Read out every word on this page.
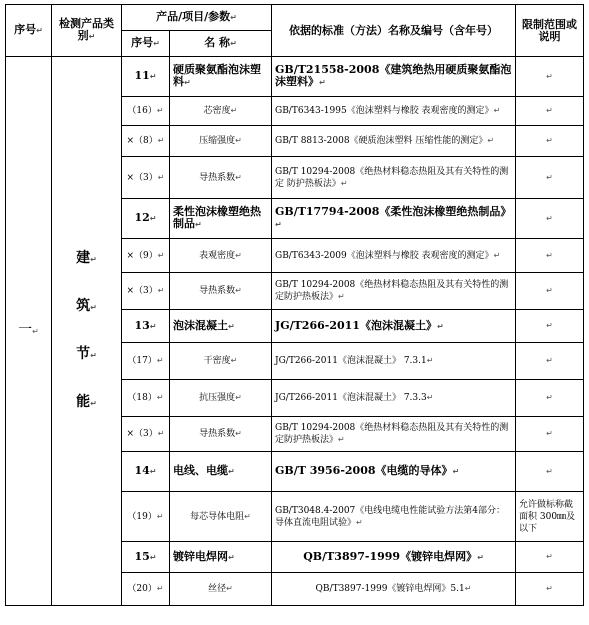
序号↵	检测产品类 别↵	产品/项目/参数↵		依据的标准（方法）名称及编号（含年号）	限制范围或说明
		序号↵	名 称↵		
一↵	建↵
筑↵
节↵
能↵	11↵	硬质聚氨酯泡沫塑料↵	GB/T21558-2008《建筑绝热用硬质聚氨酯泡沫塑料》↵	↵
		（16）↵	芯密度↵	GB/T6343-1995《泡沫塑料与橡胶 表观密度的测定》↵	↵
		×（8）↵	压缩强度↵	GB/T 8813-2008《硬质泡沫塑料 压缩性能的测定》↵	↵
		×（3）↵	导热系数↵	GB/T 10294-2008《绝热材料稳态热阻及其有关特性的测定 防护热板法》↵	↵
		12↵	柔性泡沫橡塑绝热制品↵	GB/T17794-2008《柔性泡沫橡塑绝热制品》↵	↵
		×（9）↵	表观密度↵	GB/T6343-2009《泡沫塑料与橡胶 表观密度的测定》↵	↵
		×（3）↵	导热系数↵	GB/T 10294-2008《绝热材料稳态热阻及其有关特性的测定防护热板法》↵	↵
		13↵	泡沫混凝土↵	JG/T266-2011《泡沫混凝土》↵	↵
		（17）↵	干密度↵	JG/T266-2011《泡沫混凝土》 7.3.1↵	↵
		（18）↵	抗压强度↵	JG/T266-2011《泡沫混凝土》 7.3.3↵	↵
		×（3）↵	导热系数↵	GB/T 10294-2008《绝热材料稳态热阻及其有关特性的测定防护热板法》↵	↵
		14↵	电线、电缆↵	GB/T 3956-2008《电缆的导体》↵	↵
		（19）↵	每芯导体电阻↵	GB/T3048.4-2007《电线电缆电性能试验方法第4部分：导体直流电阻试验》↵	允许做标称截面积 300㎜及以下
		15↵	镀锌电焊网↵	QB/T3897-1999《镀锌电焊网》↵	↵
		（20）↵	丝径↵	QB/T3897-1999《镀锌电焊网》5.1↵	↵
